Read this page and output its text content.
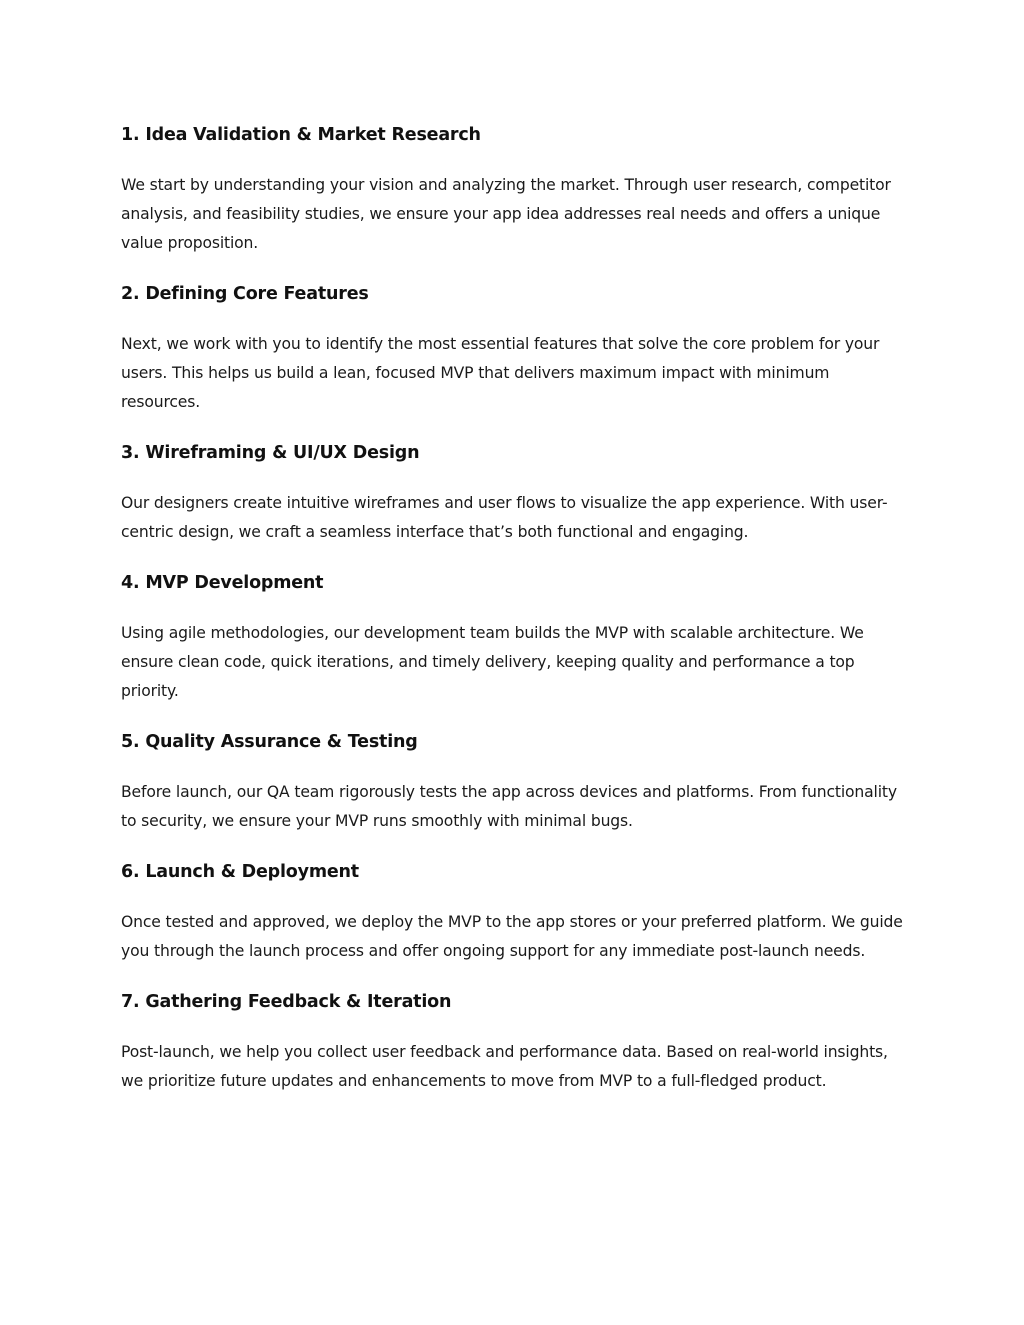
1. Idea Validation & Market Research

We start by understanding your vision and analyzing the market. Through user research, competitor analysis, and feasibility studies, we ensure your app idea addresses real needs and offers a unique value proposition.

2. Defining Core Features

Next, we work with you to identify the most essential features that solve the core problem for your users. This helps us build a lean, focused MVP that delivers maximum impact with minimum resources.

3. Wireframing & UI/UX Design

Our designers create intuitive wireframes and user flows to visualize the app experience. With user-centric design, we craft a seamless interface that’s both functional and engaging.

4. MVP Development

Using agile methodologies, our development team builds the MVP with scalable architecture. We ensure clean code, quick iterations, and timely delivery, keeping quality and performance a top priority.

5. Quality Assurance & Testing

Before launch, our QA team rigorously tests the app across devices and platforms. From functionality to security, we ensure your MVP runs smoothly with minimal bugs.

6. Launch & Deployment

Once tested and approved, we deploy the MVP to the app stores or your preferred platform. We guide you through the launch process and offer ongoing support for any immediate post-launch needs.

7. Gathering Feedback & Iteration

Post-launch, we help you collect user feedback and performance data. Based on real-world insights, we prioritize future updates and enhancements to move from MVP to a full-fledged product.
